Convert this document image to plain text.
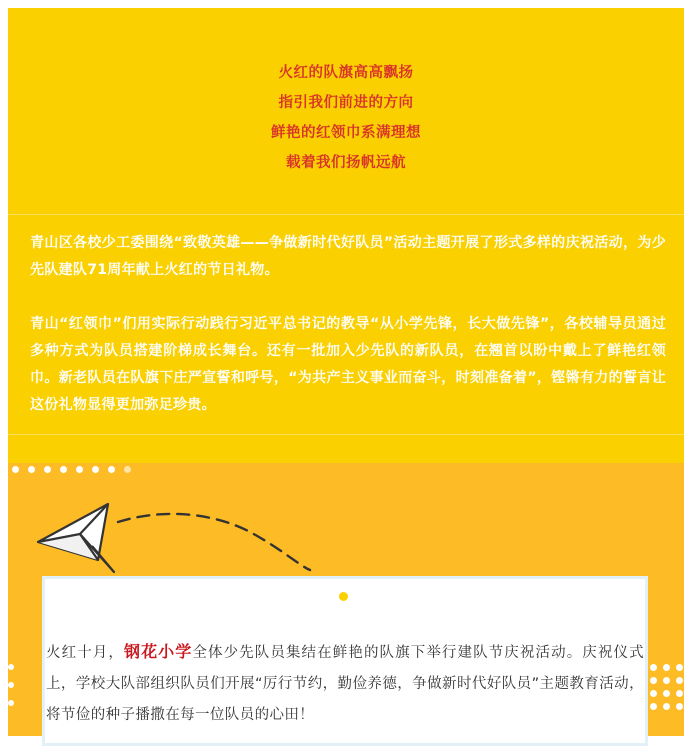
火红的队旗高高飘扬
指引我们前进的方向
鲜艳的红领巾系满理想
载着我们扬帆远航
青山区各校少工委围绕“致敬英雄——争做新时代好队员”活动主题开展了形式多样的庆祝活动，为少先队建队71周年献上火红的节日礼物。
青山“红领巾”们用实际行动践行习近平总书记的教导“从小学先锋，长大做先锋”，各校辅导员通过多种方式为队员搭建阶梯成长舞台。还有一批加入少先队的新队员，在翘首以盼中戴上了鲜艳红领巾。新老队员在队旗下庄严宣誓和呼号，“为共产主义事业而奋斗，时刻准备着”，铿锵有力的誓言让这份礼物显得更加弥足珍贵。
火红十月，钢花小学全体少先队员集结在鲜艳的队旗下举行建队节庆祝活动。庆祝仪式上，学校大队部组织队员们开展“厉行节约，勤俭养德，争做新时代好队员”主题教育活动，将节俭的种子播撒在每一位队员的心田！
